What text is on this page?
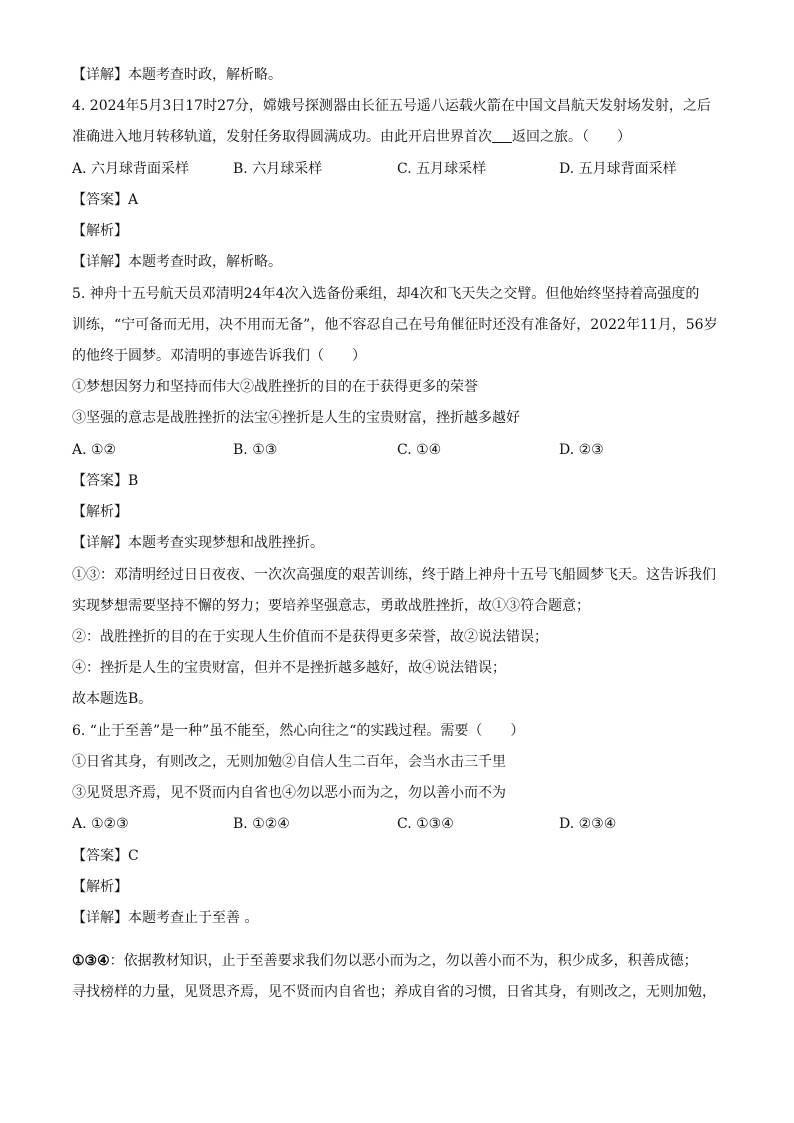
【详解】本题考查时政，解析略。
4. 2024年5月3日17时27分，嫦娥号探测器由长征五号遥八运载火箭在中国文昌航天发射场发射，之后
准确进入地月转移轨道，发射任务取得圆满成功。由此开启世界首次 返回之旅。（　　）
A. 六月球背面采样	B. 六月球采样	C. 五月球采样	D. 五月球背面采样
【答案】A
【解析】
【详解】本题考查时政，解析略。
5. 神舟十五号航天员邓清明24年4次入选备份乘组，却4次和飞天失之交臂。但他始终坚持着高强度的
训练，“宁可备而无用，决不用而无备”，他不容忍自己在号角催征时还没有准备好，2022年11月，56岁
的他终于圆梦。邓清明的事迹告诉我们（　　）
①梦想因努力和坚持而伟大②战胜挫折的目的在于获得更多的荣誉
③坚强的意志是战胜挫折的法宝④挫折是人生的宝贵财富，挫折越多越好
A. ①②	B. ①③	C. ①④	D. ②③
【答案】B
【解析】
【详解】本题考查实现梦想和战胜挫折。
①③：邓清明经过日日夜夜、一次次高强度的艰苦训练，终于踏上神舟十五号飞船圆梦飞天。这告诉我们
实现梦想需要坚持不懈的努力；要培养坚强意志，勇敢战胜挫折，故①③符合题意；
②：战胜挫折的目的在于实现人生价值而不是获得更多荣誉，故②说法错误；
④：挫折是人生的宝贵财富，但并不是挫折越多越好，故④说法错误；
故本题选B。
6. “止于至善”是一种”虽不能至，然心向往之“的实践过程。需要（　　）
①日省其身，有则改之，无则加勉②自信人生二百年，会当水击三千里
③见贤思齐焉，见不贤而内自省也④勿以恶小而为之，勿以善小而不为
A. ①②③	B. ①②④	C. ①③④	D. ②③④
【答案】C
【解析】
【详解】本题考查止于至善 。
①③④：依据教材知识，止于至善要求我们勿以恶小而为之，勿以善小而不为，积少成多，积善成德；
寻找榜样的力量，见贤思齐焉，见不贤而内自省也；养成自省的习惯，日省其身，有则改之，无则加勉，
